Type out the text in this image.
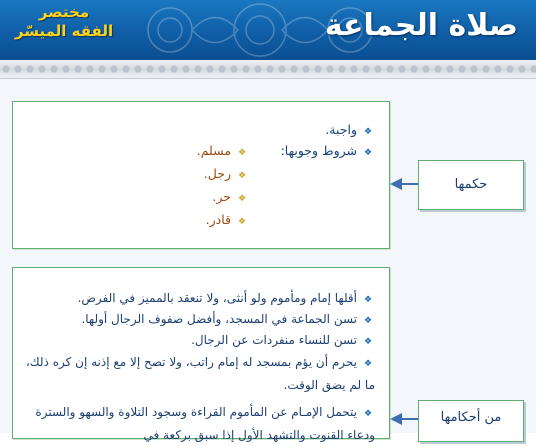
صلاة الجماعة
مختصر
الفقه الميسّر
❖ واجبة.
❖ شروط وجوبها:
❖ مسلم.
❖ رجل.
❖ حر.
❖ قادر.
❖أقلها إمام ومأموم ولو أنثى، ولا تنعقد بالمميز في الفرض.
❖تسن الجماعة في المسجد، وأفضل صفوف الرجال أولها.
❖تسن للنساء منفردات عن الرجال.
❖يحرم أن يؤم بمسجد له إمام راتب، ولا تصح إلا مع إذنه إن كره ذلك، ما لم يضق الوقت.
❖يتحمل الإمـام عن المأموم القراءة وسجود التلاوة والسهو والسترة ودعاء القنوت والتشهد الأول إذا سبق بركعة في
حكمها
من أحكامها
